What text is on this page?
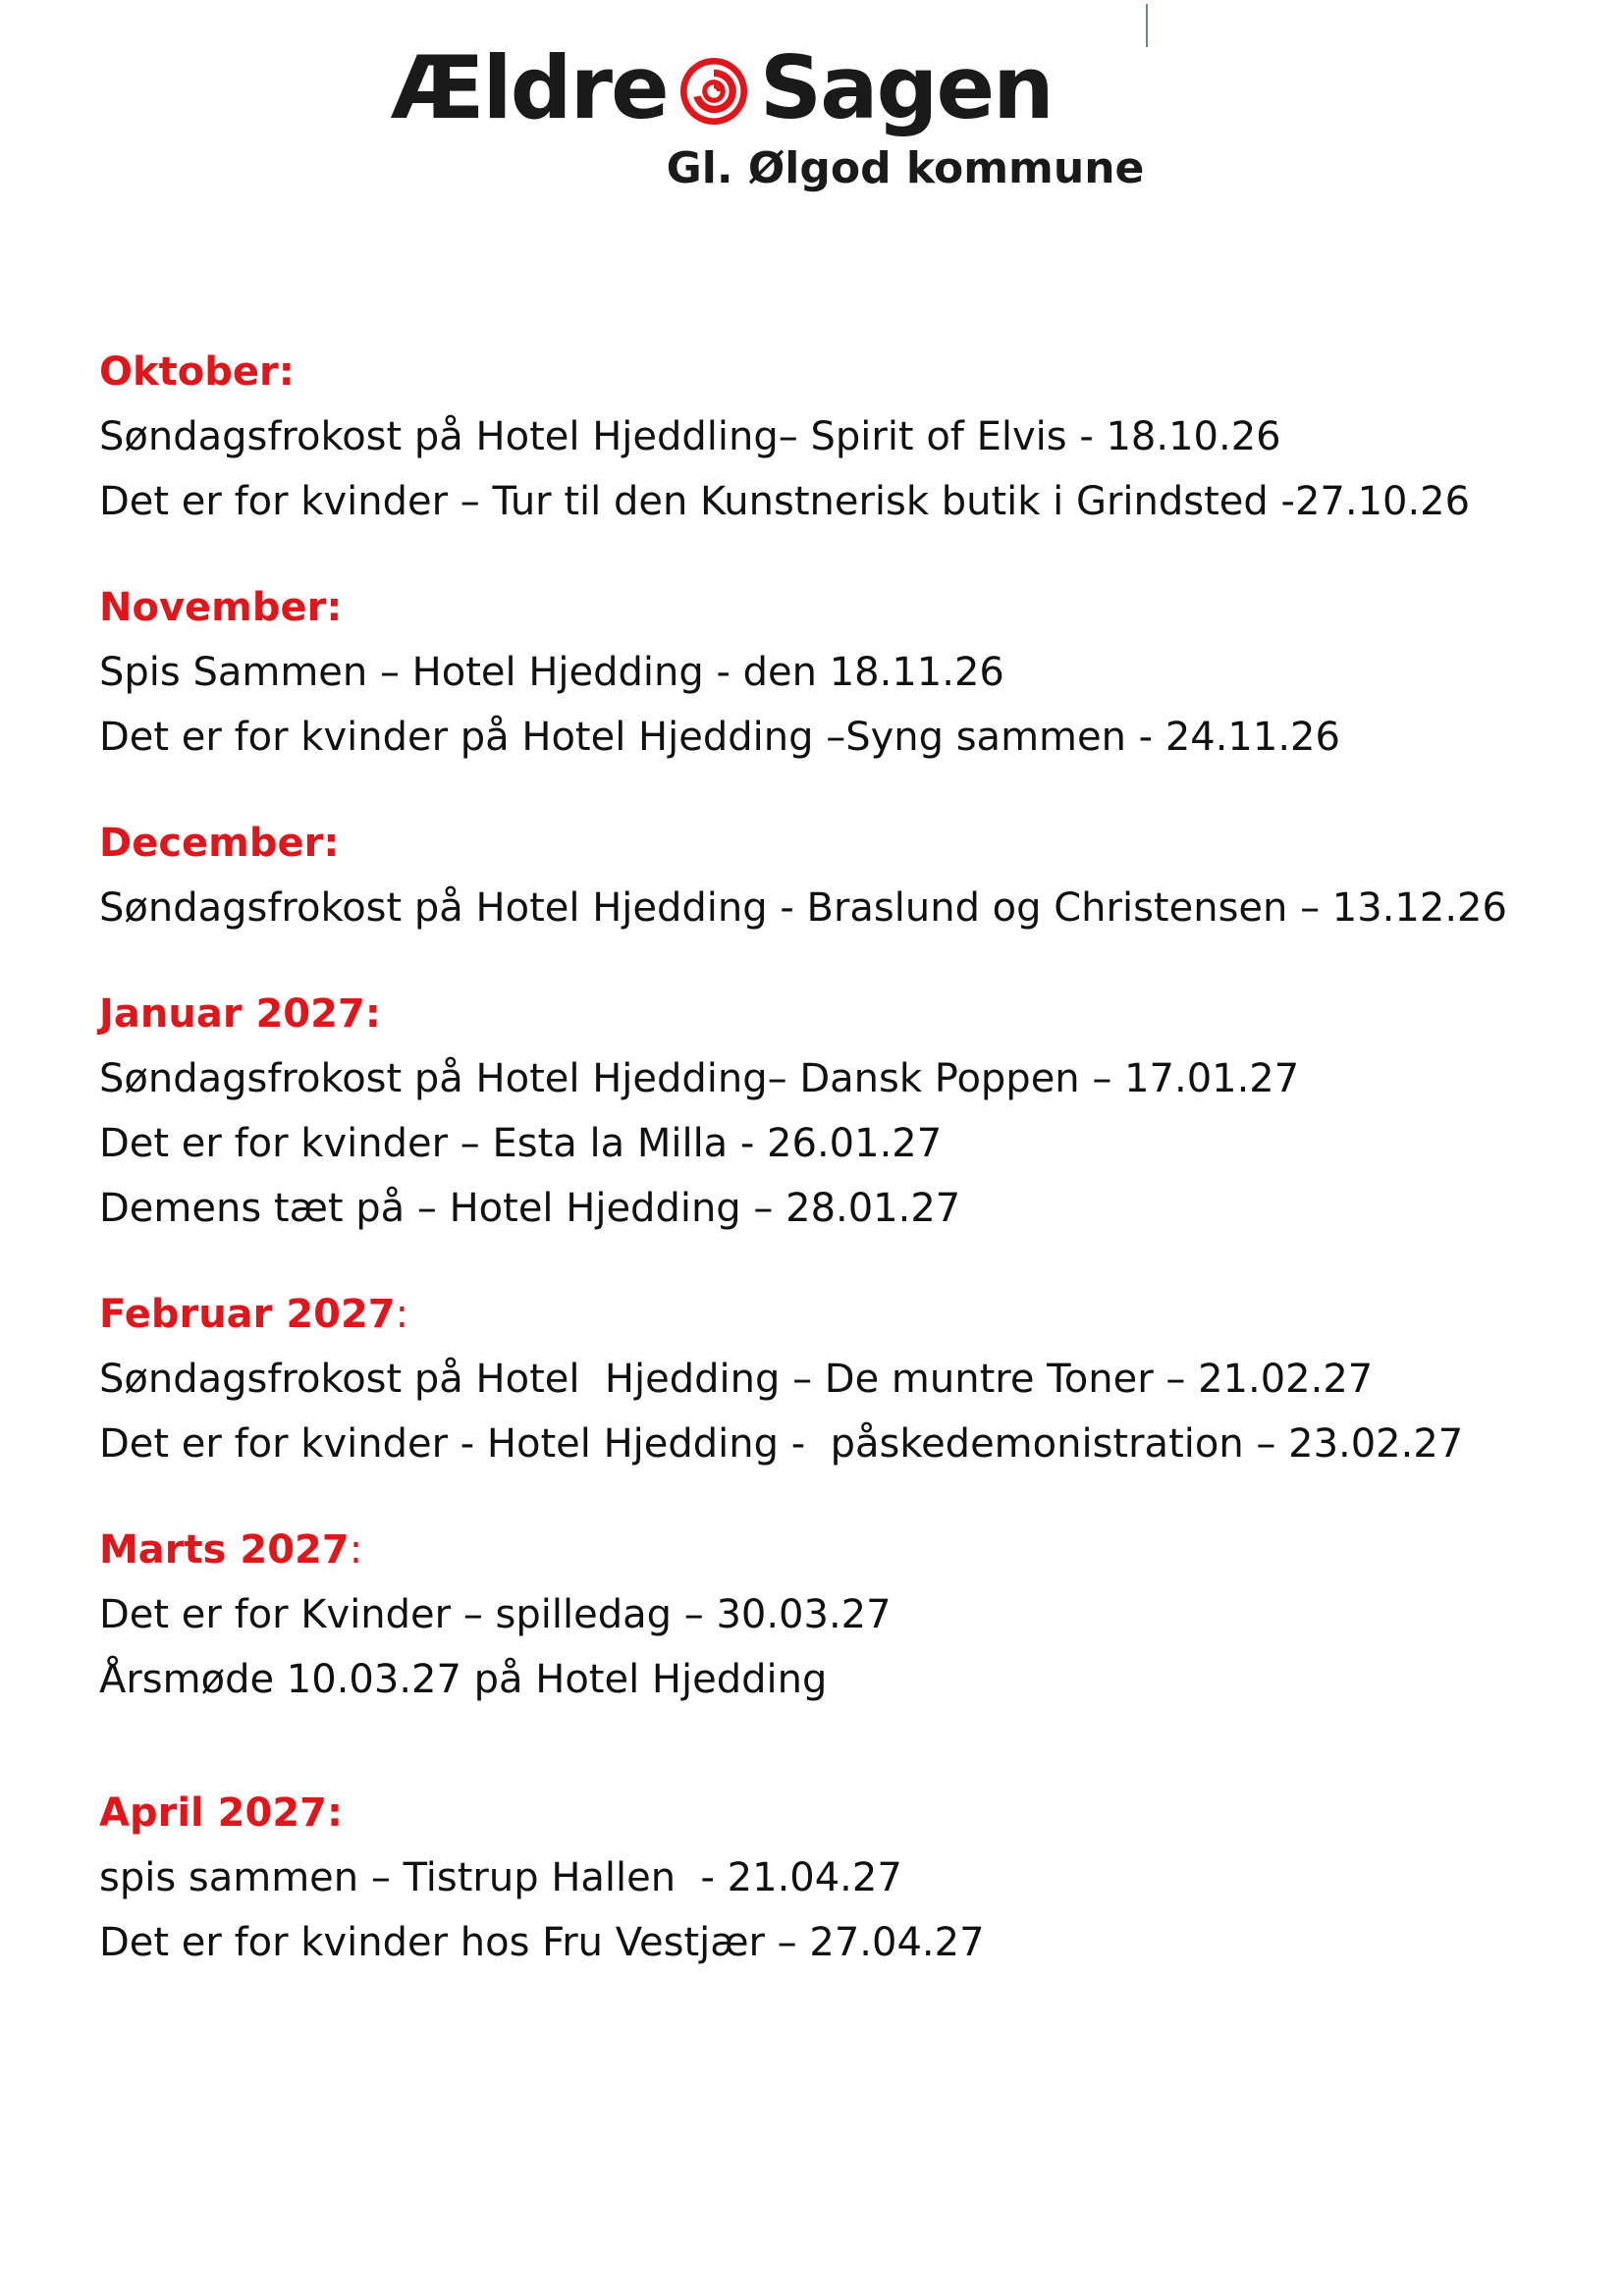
Ældre Sagen
Gl. Ølgod kommune
Oktober:
Søndagsfrokost på Hotel Hjeddling– Spirit of Elvis - 18.10.26
Det er for kvinder – Tur til den Kunstnerisk butik i Grindsted -27.10.26
November:
Spis Sammen – Hotel Hjedding - den 18.11.26
Det er for kvinder på Hotel Hjedding –Syng sammen - 24.11.26
December:
Søndagsfrokost på Hotel Hjedding - Braslund og Christensen – 13.12.26
Januar 2027:
Søndagsfrokost på Hotel Hjedding– Dansk Poppen – 17.01.27
Det er for kvinder – Esta la Milla - 26.01.27
Demens tæt på – Hotel Hjedding – 28.01.27
Februar 2027:
Søndagsfrokost på Hotel  Hjedding – De muntre Toner – 21.02.27
Det er for kvinder - Hotel Hjedding -  påskedemonistration – 23.02.27
Marts 2027:
Det er for Kvinder – spilledag – 30.03.27
Årsmøde 10.03.27 på Hotel Hjedding
April 2027:
spis sammen – Tistrup Hallen  - 21.04.27
Det er for kvinder hos Fru Vestjær – 27.04.27
